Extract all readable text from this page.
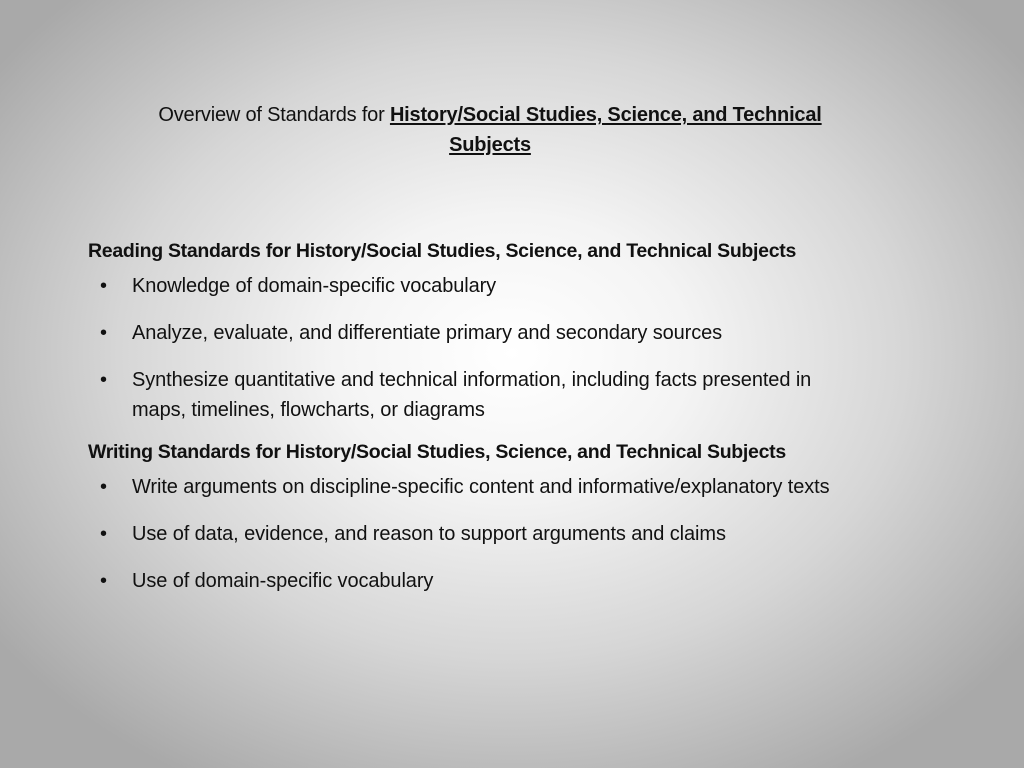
Overview of Standards for History/Social Studies, Science, and Technical Subjects

Reading Standards for History/Social Studies, Science, and Technical Subjects

• Knowledge of domain-specific vocabulary
• Analyze, evaluate, and differentiate primary and secondary sources
• Synthesize quantitative and technical information, including facts presented in maps, timelines, flowcharts, or diagrams

Writing Standards for History/Social Studies, Science, and Technical Subjects

• Write arguments on discipline-specific content and informative/explanatory texts
• Use of data, evidence, and reason to support arguments and claims
• Use of domain-specific vocabulary
